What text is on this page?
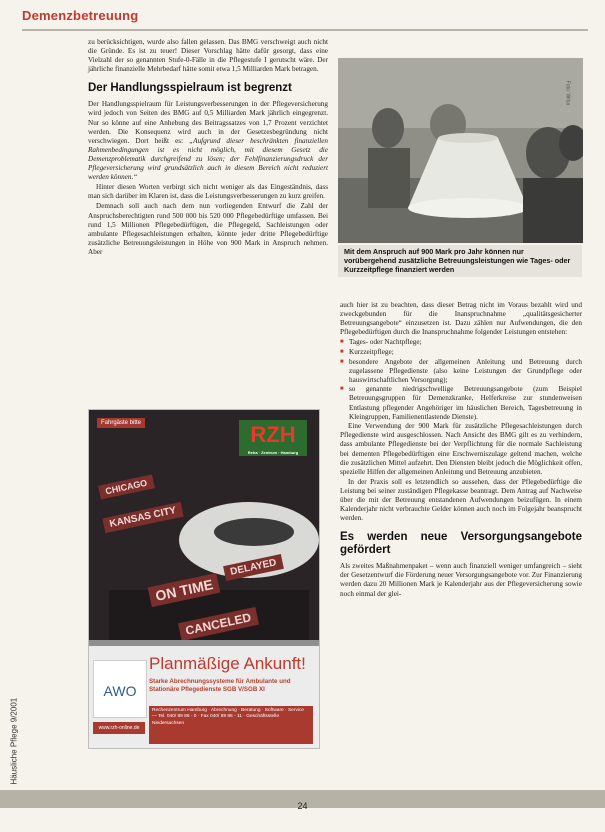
Demenzbetreuung
Häusliche Pflege 9/2001

zu berücksichtigen, wurde also fallen gelassen. Das BMG verschweigt auch nicht die Gründe. Es ist zu teuer! Dieser Vorschlag hätte dafür gesorgt, dass eine Vielzahl der so genannten Stufe-0-Fälle in die Pflegestufe I gerutscht wäre. Der jährliche finanzielle Mehrbedarf hätte somit etwa 1,5 Milliarden Mark betragen.

Der Handlungsspielraum ist begrenzt

Der Handlungsspielraum für Leistungsverbesserungen in der Pflegeversicherung wird jedoch von Seiten des BMG auf 0,5 Milliarden Mark jährlich eingegrenzt. Nur so könne auf eine Anhebung des Beitragssatzes von 1,7 Prozent verzichtet werden. Die Konsequenz wird auch in der Gesetzesbegründung nicht verschwiegen. Dort heißt es: „Aufgrund dieser beschränkten finanziellen Rahmenbedingungen ist es nicht möglich, mit diesem Gesetz die Demenzproblematik durchgreifend zu lösen; der Fehlfinanzierungsdruck der Pflegeversicherung wird grundsätzlich auch in diesem Bereich nicht reduziert werden können.“

Hinter diesen Worten verbirgt sich nicht weniger als das Eingeständnis, dass man sich darüber im Klaren ist, dass die Leistungsverbesserungen zu kurz greifen.

Demnach soll auch nach dem nun vorliegenden Entwurf die Zahl der Anspruchsberechtigten rund 500 000 bis 520 000 Pflegebedürftige umfassen. Bei rund 1,5 Millionen Pflegebedürftigen, die Pflegegeld, Sachleistungen oder ambulante Pflegesachleistungen erhalten, könnte jeder dritte Pflegebedürftige zusätzliche Betreuungsleistungen in Höhe von 900 Mark in Anspruch nehmen. Aber

Foto: Wrba
Mit dem Anspruch auf 900 Mark pro Jahr können nur vorübergehend zusätzliche Betreuungsleistungen wie Tages- oder Kurzzeitpflege finanziert werden

auch hier ist zu beachten, dass dieser Betrag nicht im Voraus bezahlt wird und zweckgebunden für die Inanspruchnahme „qualitätsgesicherter Betreuungsangebote“ einzusetzen ist. Dazu zählen nur Aufwendungen, die den Pflegebedürftigen durch die Inanspruchnahme folgender Leistungen entstehen:

■ Tages- oder Nachtpflege;
■ Kurzzeitpflege;
■ besondere Angebote der allgemeinen Anleitung und Betreuung durch zugelassene Pflegedienste (also keine Leistungen der Grundpflege oder hauswirtschaftlichen Versorgung);
■ so genannte niedrigschwellige Betreuungsangebote (zum Beispiel Betreuungsgruppen für Demenzkranke, Helferkreise zur stundenweisen Entlastung pflegender Angehöriger im häuslichen Bereich, Tagesbetreuung in Kleingruppen, Familienentlastende Dienste).

Eine Verwendung der 900 Mark für zusätzliche Pflegesachleistungen durch Pflegedienste wird ausgeschlossen. Nach Ansicht des BMG gilt es zu verhindern, dass ambulante Pflegedienste bei der Verpflichtung für die normale Sachleistung bei dementen Pflegebedürftigen eine Erschwerniszulage geltend machen, welche die zusätzlichen Mittel aufzehrt. Den Diensten bleibt jedoch die Möglichkeit offen, spezielle Hilfen der allgemeinen Anleitung und Betreuung anzubieten.

In der Praxis soll es letztendlich so aussehen, dass der Pflegebedürftige die Leistung bei seiner zuständigen Pflegekasse beantragt. Dem Antrag auf Nachweise über die mit der Betreuung entstandenen Aufwendungen beizufügen. In einem Kalenderjahr nicht verbrauchte Gelder können auch noch im Folgejahr beansprucht werden.

Es werden neue Versorgungsangebote gefördert

Als zweites Maßnahmenpaket – wenn auch finanziell weniger umfangreich – sieht der Gesetzentwurf die Förderung neuer Versorgungsangebote vor. Zur Finanzierung werden dazu 20 Millionen Mark je Kalenderjahr aus der Pflegeversicherung sowie noch einmal der glei-

Fahrgäste bitte	RZH
Reha · Zentrum · Hamburg
CHICAGO
KANSAS CITY
DELAYED
ON TIME
CANCELED
AWO
www.rzh-online.de
Planmäßige Ankunft!
Starke Abrechnungssysteme für Ambulante und Stationäre Pflegedienste SGB V/SGB XI
Rechenzentrum Hamburg · Abrechnung · Beratung · Software · Service — Tel. 040/ 89 86 - 0 · Fax 040/ 89 86 - 11 · Geschäftsstelle Niedersachsen
24
